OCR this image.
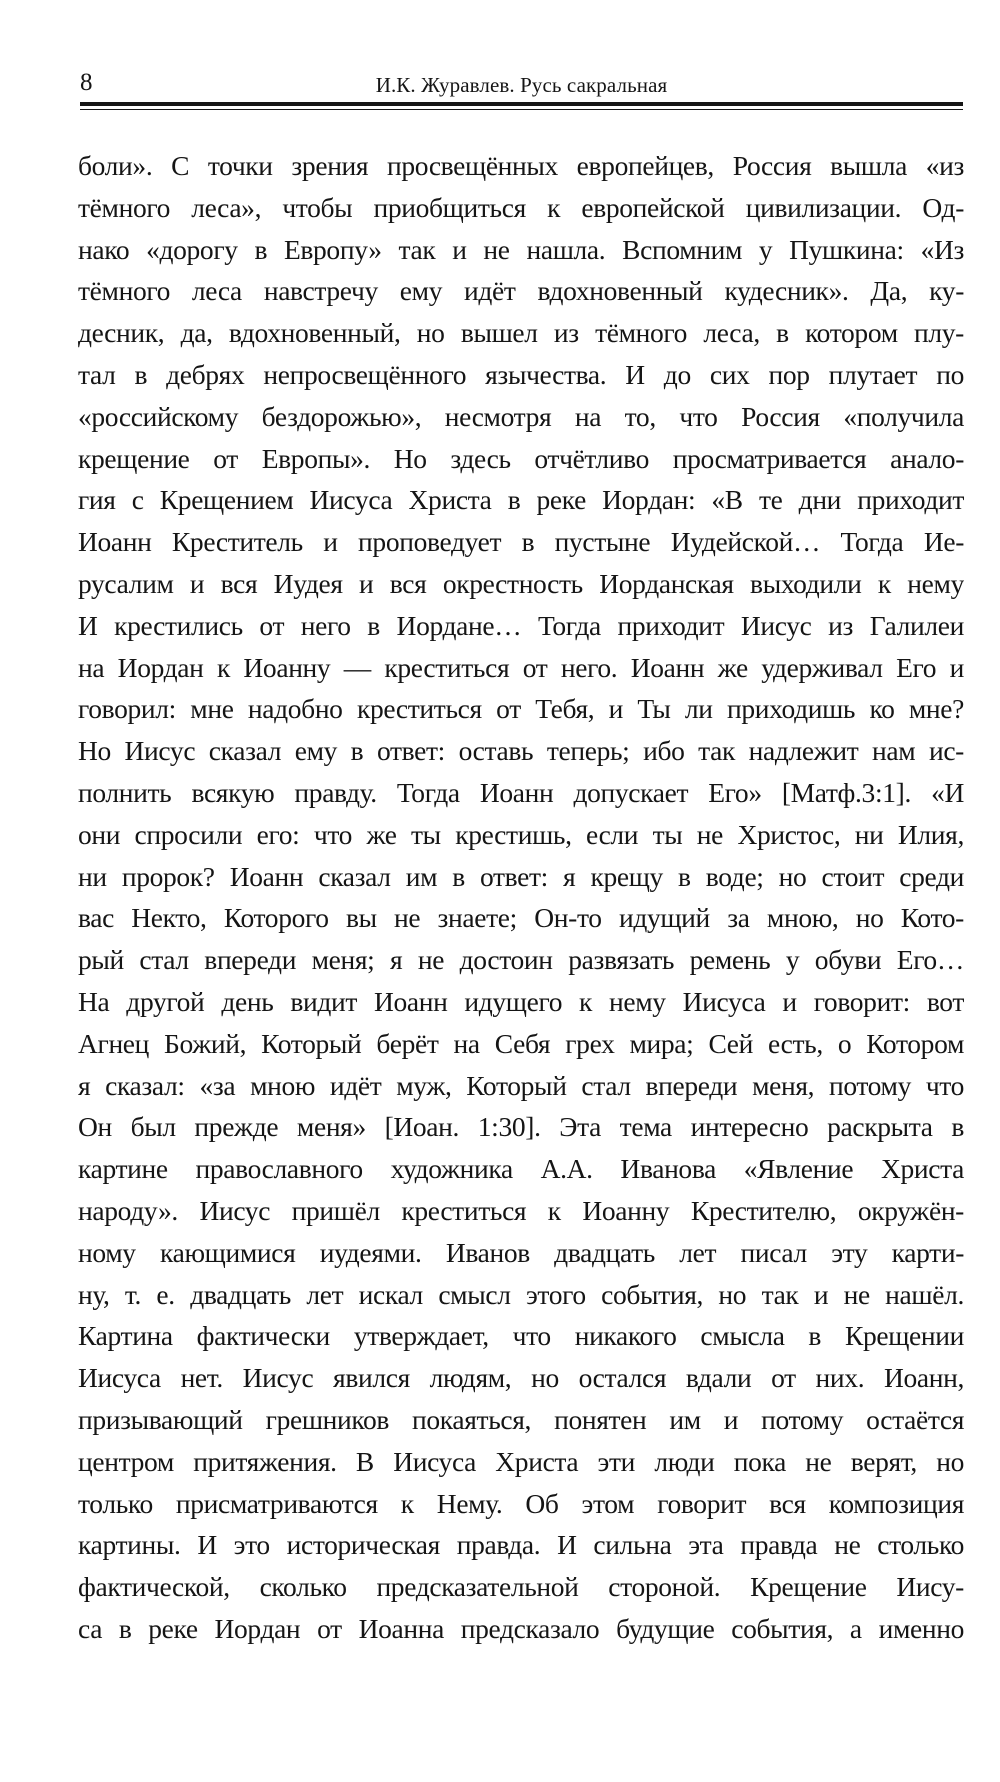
8	И.К. Журавлев. Русь сакральная
боли». С точки зрения просвещённых европейцев, Россия вышла «из
тёмного леса», чтобы приобщиться к европейской цивилизации. Од-
нако «дорогу в Европу» так и не нашла. Вспомним у Пушкина: «Из
тёмного леса навстречу ему идёт вдохновенный кудесник». Да, ку-
десник, да, вдохновенный, но вышел из тёмного леса, в котором плу-
тал в дебрях непросвещённого язычества. И до сих пор плутает по
«российскому бездорожью», несмотря на то, что Россия «получила
крещение от Европы». Но здесь отчётливо просматривается анало-
гия с Крещением Иисуса Христа в реке Иордан: «В те дни приходит
Иоанн Креститель и проповедует в пустыне Иудейской… Тогда Ие-
русалим и вся Иудея и вся окрестность Иорданская выходили к нему
И крестились от него в Иордане… Тогда приходит Иисус из Галилеи
на Иордан к Иоанну — креститься от него. Иоанн же удерживал Его и
говорил: мне надобно креститься от Тебя, и Ты ли приходишь ко мне?
Но Иисус сказал ему в ответ: оставь теперь; ибо так надлежит нам ис-
полнить всякую правду. Тогда Иоанн допускает Его» [Матф.3:1]. «И
они спросили его: что же ты крестишь, если ты не Христос, ни Илия,
ни пророк? Иоанн сказал им в ответ: я крещу в воде; но стоит среди
вас Некто, Которого вы не знаете; Он-то идущий за мною, но Кото-
рый стал впереди меня; я не достоин развязать ремень у обуви Его…
На другой день видит Иоанн идущего к нему Иисуса и говорит: вот
Агнец Божий, Который берёт на Себя грех мира; Сей есть, о Котором
я сказал: «за мною идёт муж, Который стал впереди меня, потому что
Он был прежде меня» [Иоан. 1:30]. Эта тема интересно раскрыта в
картине православного художника А.А. Иванова «Явление Христа
народу». Иисус пришёл креститься к Иоанну Крестителю, окружён-
ному кающимися иудеями. Иванов двадцать лет писал эту карти-
ну, т. е. двадцать лет искал смысл этого события, но так и не нашёл.
Картина фактически утверждает, что никакого смысла в Крещении
Иисуса нет. Иисус явился людям, но остался вдали от них. Иоанн,
призывающий грешников покаяться, понятен им и потому остаётся
центром притяжения. В Иисуса Христа эти люди пока не верят, но
только присматриваются к Нему. Об этом говорит вся композиция
картины. И это историческая правда. И сильна эта правда не столько
фактической, сколько предсказательной стороной. Крещение Иису-
са в реке Иордан от Иоанна предсказало будущие события, а именно
